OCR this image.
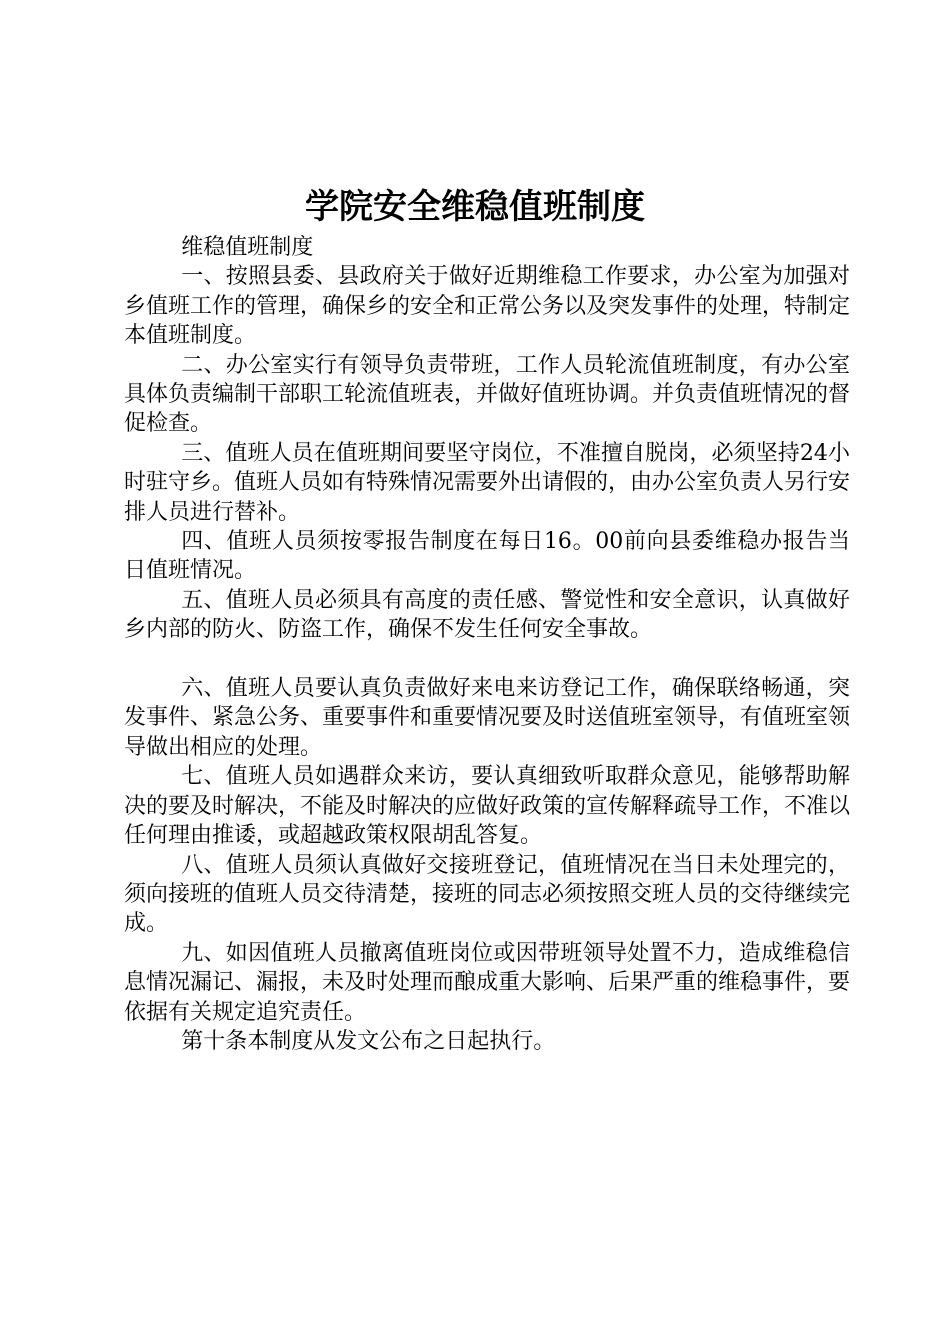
学院安全维稳值班制度

维稳值班制度

一、按照县委、县政府关于做好近期维稳工作要求，办公室为加强对乡值班工作的管理，确保乡的安全和正常公务以及突发事件的处理，特制定本值班制度。

二、办公室实行有领导负责带班，工作人员轮流值班制度，有办公室具体负责编制干部职工轮流值班表，并做好值班协调。并负责值班情况的督促检查。

三、值班人员在值班期间要坚守岗位，不准擅自脱岗，必须坚持24小时驻守乡。值班人员如有特殊情况需要外出请假的，由办公室负责人另行安排人员进行替补。

四、值班人员须按零报告制度在每日16。00前向县委维稳办报告当日值班情况。

五、值班人员必须具有高度的责任感、警觉性和安全意识，认真做好乡内部的防火、防盗工作，确保不发生任何安全事故。

六、值班人员要认真负责做好来电来访登记工作，确保联络畅通，突发事件、紧急公务、重要事件和重要情况要及时送值班室领导，有值班室领导做出相应的处理。

七、值班人员如遇群众来访，要认真细致听取群众意见，能够帮助解决的要及时解决，不能及时解决的应做好政策的宣传解释疏导工作，不准以任何理由推诿，或超越政策权限胡乱答复。

八、值班人员须认真做好交接班登记，值班情况在当日未处理完的，须向接班的值班人员交待清楚，接班的同志必须按照交班人员的交待继续完成。

九、如因值班人员撤离值班岗位或因带班领导处置不力，造成维稳信息情况漏记、漏报，未及时处理而酿成重大影响、后果严重的维稳事件，要依据有关规定追究责任。

第十条本制度从发文公布之日起执行。
